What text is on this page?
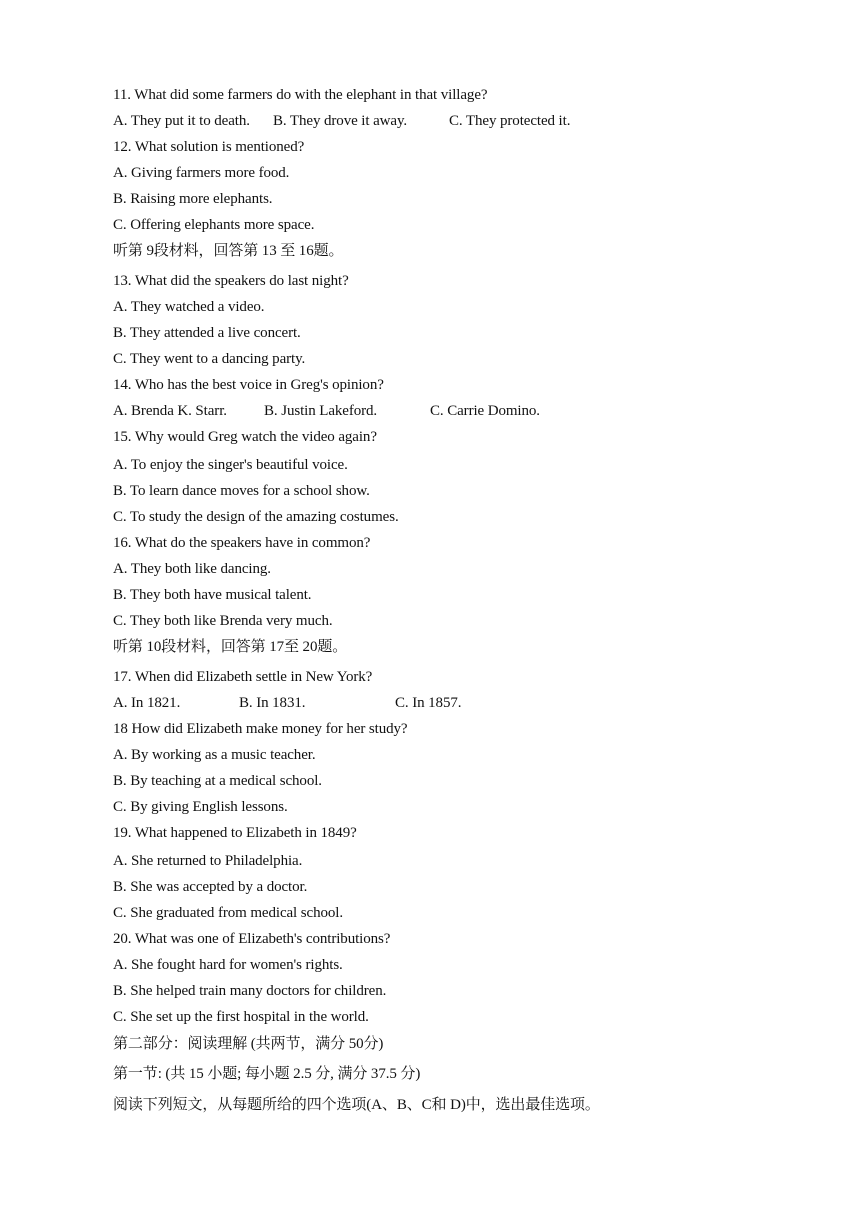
11. What did some farmers do with the elephant in that village?
A. They put it to death. B. They drove it away.	C. They protected it.
12. What solution is mentioned?
A. Giving farmers more food.
B. Raising more elephants.
C. Offering elephants more space.
听第 9段材料，回答第 13 至 16题。
13. What did the speakers do last night?
A. They watched a video.
B. They attended a live concert.
C. They went to a dancing party.
14. Who has the best voice in Greg's opinion?
A. Brenda K. Starr. B. Justin Lakeford.	C. Carrie Domino.
15. Why would Greg watch the video again?
A. To enjoy the singer's beautiful voice.
B. To learn dance moves for a school show.
C. To study the design of the amazing costumes.
16. What do the speakers have in common?
A. They both like dancing.
B. They both have musical talent.
C. They both like Brenda very much.
听第 10段材料，回答第 17至 20题。
17. When did Elizabeth settle in New York?
A. In 1821.	B. In 1831.	C. In 1857.
18 How did Elizabeth make money for her study?
A. By working as a music teacher.
B. By teaching at a medical school.
C. By giving English lessons.
19. What happened to Elizabeth in 1849?
A. She returned to Philadelphia.
B. She was accepted by a doctor.
C. She graduated from medical school.
20. What was one of Elizabeth's contributions?
A. She fought hard for women's rights.
B. She helped train many doctors for children.
C. She set up the first hospital in the world.
第二部分：阅读理解 (共两节，满分 50分)
第一节: (共 15 小题; 每小题 2.5 分, 满分 37.5 分)
阅读下列短文，从每题所给的四个选项(A、B、C和 D)中，选出最佳选项。
